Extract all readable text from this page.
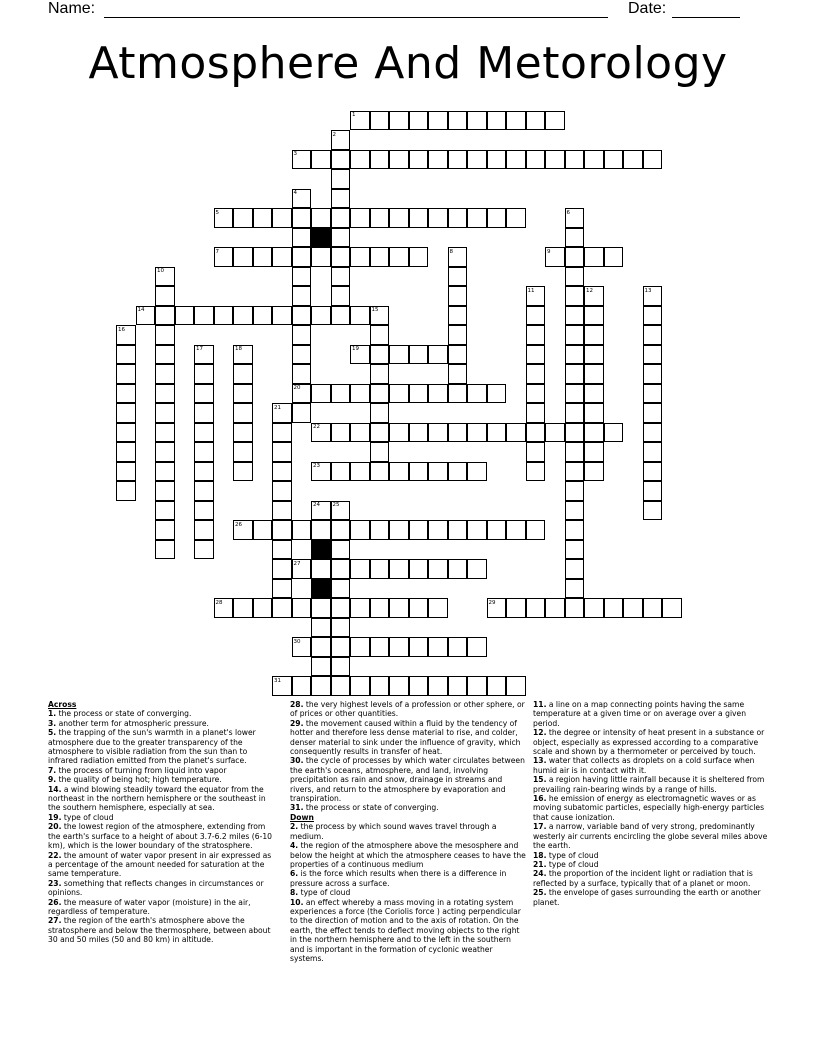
Name:	Date:
Atmosphere And Metorology
1
3
5
7	9
14
19
20
22
23
26
27
28	29
30
31
2
4
6
8
10
11	12	13
15
16
17	18
21
24 25
Across
1. the process or state of converging.
3. another term for atmospheric pressure.
5. the trapping of the sun's warmth in a planet's lower atmosphere due to the greater transparency of the atmosphere to visible radiation from the sun than to infrared radiation emitted from the planet's surface.
7. the process of turning from liquid into vapor
9. the quality of being hot; high temperature.
14. a wind blowing steadily toward the equator from the northeast in the northern hemisphere or the southeast in the southern hemisphere, especially at sea.
19. type of cloud
20. the lowest region of the atmosphere, extending from the earth's surface to a height of about 3.7-6.2 miles (6-10 km), which is the lower boundary of the stratosphere.
22. the amount of water vapor present in air expressed as a percentage of the amount needed for saturation at the same temperature.
23. something that reflects changes in circumstances or opinions.
26. the measure of water vapor (moisture) in the air, regardless of temperature.
27. the region of the earth's atmosphere above the stratosphere and below the thermosphere, between about 30 and 50 miles (50 and 80 km) in altitude.
28. the very highest levels of a profession or other sphere, or of prices or other quantities.
29. the movement caused within a fluid by the tendency of hotter and therefore less dense material to rise, and colder, denser material to sink under the influence of gravity, which consequently results in transfer of heat.
30. the cycle of processes by which water circulates between the earth's oceans, atmosphere, and land, involving precipitation as rain and snow, drainage in streams and rivers, and return to the atmosphere by evaporation and transpiration.
31. the process or state of converging.
Down
2. the process by which sound waves travel through a medium.
4. the region of the atmosphere above the mesosphere and below the height at which the atmosphere ceases to have the properties of a continuous medium
6. is the force which results when there is a difference in pressure across a surface.
8. type of cloud
10. an effect whereby a mass moving in a rotating system experiences a force (the Coriolis force ) acting perpendicular to the direction of motion and to the axis of rotation. On the earth, the effect tends to deflect moving objects to the right in the northern hemisphere and to the left in the southern and is important in the formation of cyclonic weather systems.
11. a line on a map connecting points having the same temperature at a given time or on average over a given period.
12. the degree or intensity of heat present in a substance or object, especially as expressed according to a comparative scale and shown by a thermometer or perceived by touch.
13. water that collects as droplets on a cold surface when humid air is in contact with it.
15. a region having little rainfall because it is sheltered from prevailing rain-bearing winds by a range of hills.
16. he emission of energy as electromagnetic waves or as moving subatomic particles, especially high-energy particles that cause ionization.
17. a narrow, variable band of very strong, predominantly westerly air currents encircling the globe several miles above the earth.
18. type of cloud
21. type of cloud
24. the proportion of the incident light or radiation that is reflected by a surface, typically that of a planet or moon.
25. the envelope of gases surrounding the earth or another planet.
